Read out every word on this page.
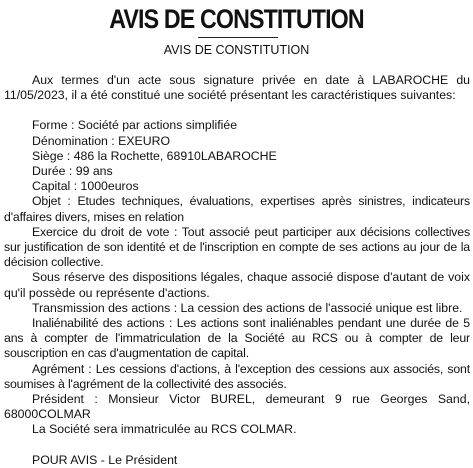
AVIS DE CONSTITUTION
AVIS DE CONSTITUTION

Aux termes d'un acte sous signature privée en date à LABAROCHE du 11/05/2023, il a été constitué une société présentant les caractéristiques suivantes:

Forme : Société par actions simplifiée

Dénomination : EXEURO

Siège : 486 la Rochette, 68910LABAROCHE

Durée : 99 ans

Capital : 1000euros

Objet : Etudes techniques, évaluations, expertises après sinistres, indicateurs d'affaires divers, mises en relation

Exercice du droit de vote : Tout associé peut participer aux décisions collectives sur justification de son identité et de l'inscription en compte de ses actions au jour de la décision collective.

Sous réserve des dispositions légales, chaque associé dispose d'autant de voix qu'il possède ou représente d'actions.

Transmission des actions : La cession des actions de l'associé unique est libre.

Inaliénabilité des actions : Les actions sont inaliénables pendant une durée de 5 ans à compter de l'immatriculation de la Société au RCS ou à compter de leur souscription en cas d'augmentation de capital.

Agrément : Les cessions d'actions, à l'exception des cessions aux associés, sont soumises à l'agrément de la collectivité des associés.

Président : Monsieur Victor BUREL, demeurant 9 rue Georges Sand, 68000COLMAR

La Société sera immatriculée au RCS COLMAR.

POUR AVIS - Le Président
